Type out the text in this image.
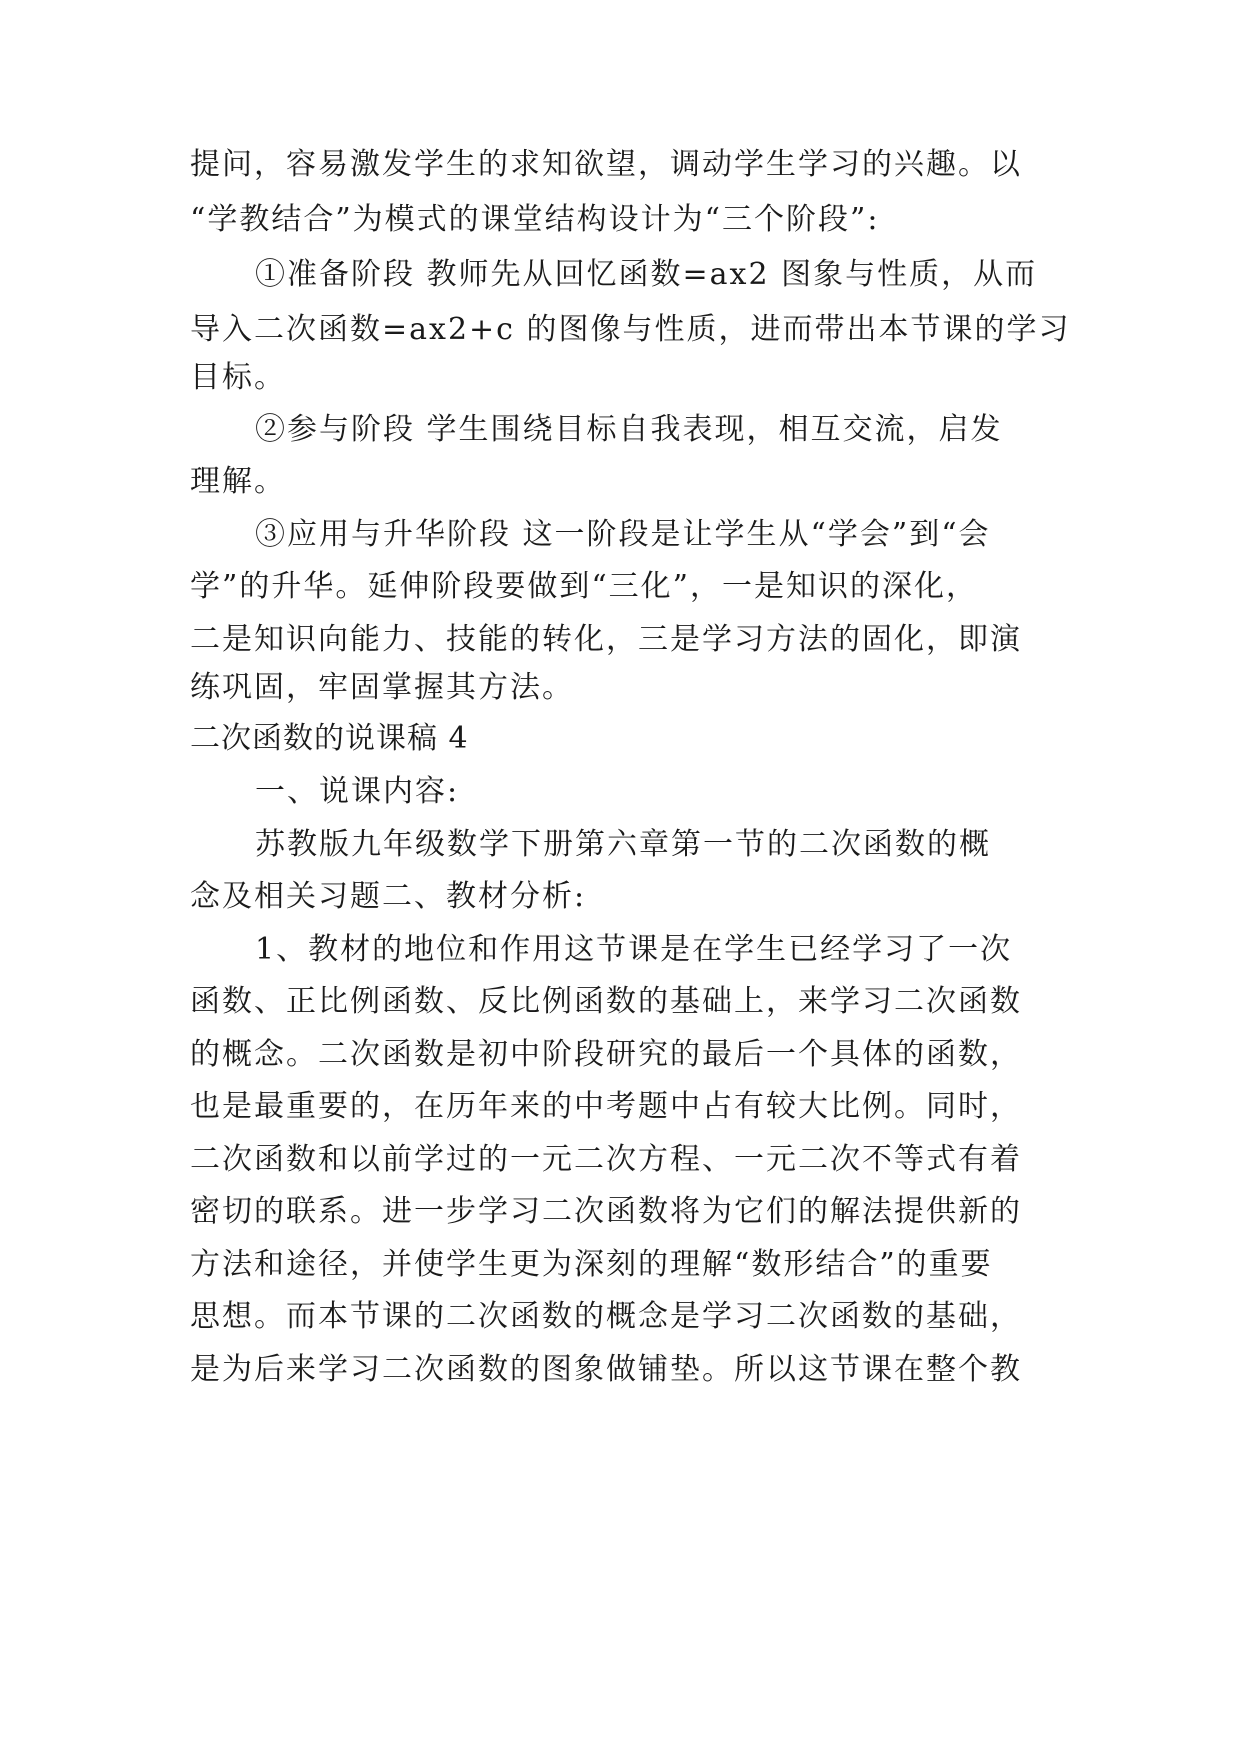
提问，容易激发学生的求知欲望，调动学生学习的兴趣。以
“学教结合”为模式的课堂结构设计为“三个阶段”:
①准备阶段 教师先从回忆函数=ax2 图象与性质，从而
导入二次函数=ax2+c 的图像与性质，进而带出本节课的学习
目标。
②参与阶段 学生围绕目标自我表现，相互交流，启发
理解。
③应用与升华阶段 这一阶段是让学生从“学会”到“会
学”的升华。延伸阶段要做到“三化”，一是知识的深化，
二是知识向能力、技能的转化，三是学习方法的固化，即演
练巩固，牢固掌握其方法。
二次函数的说课稿 4
一、说课内容:
苏教版九年级数学下册第六章第一节的二次函数的概
念及相关习题二、教材分析:
1、教材的地位和作用这节课是在学生已经学习了一次
函数、正比例函数、反比例函数的基础上，来学习二次函数
的概念。二次函数是初中阶段研究的最后一个具体的函数，
也是最重要的，在历年来的中考题中占有较大比例。同时，
二次函数和以前学过的一元二次方程、一元二次不等式有着
密切的联系。进一步学习二次函数将为它们的解法提供新的
方法和途径，并使学生更为深刻的理解“数形结合”的重要
思想。而本节课的二次函数的概念是学习二次函数的基础，
是为后来学习二次函数的图象做铺垫。所以这节课在整个教
